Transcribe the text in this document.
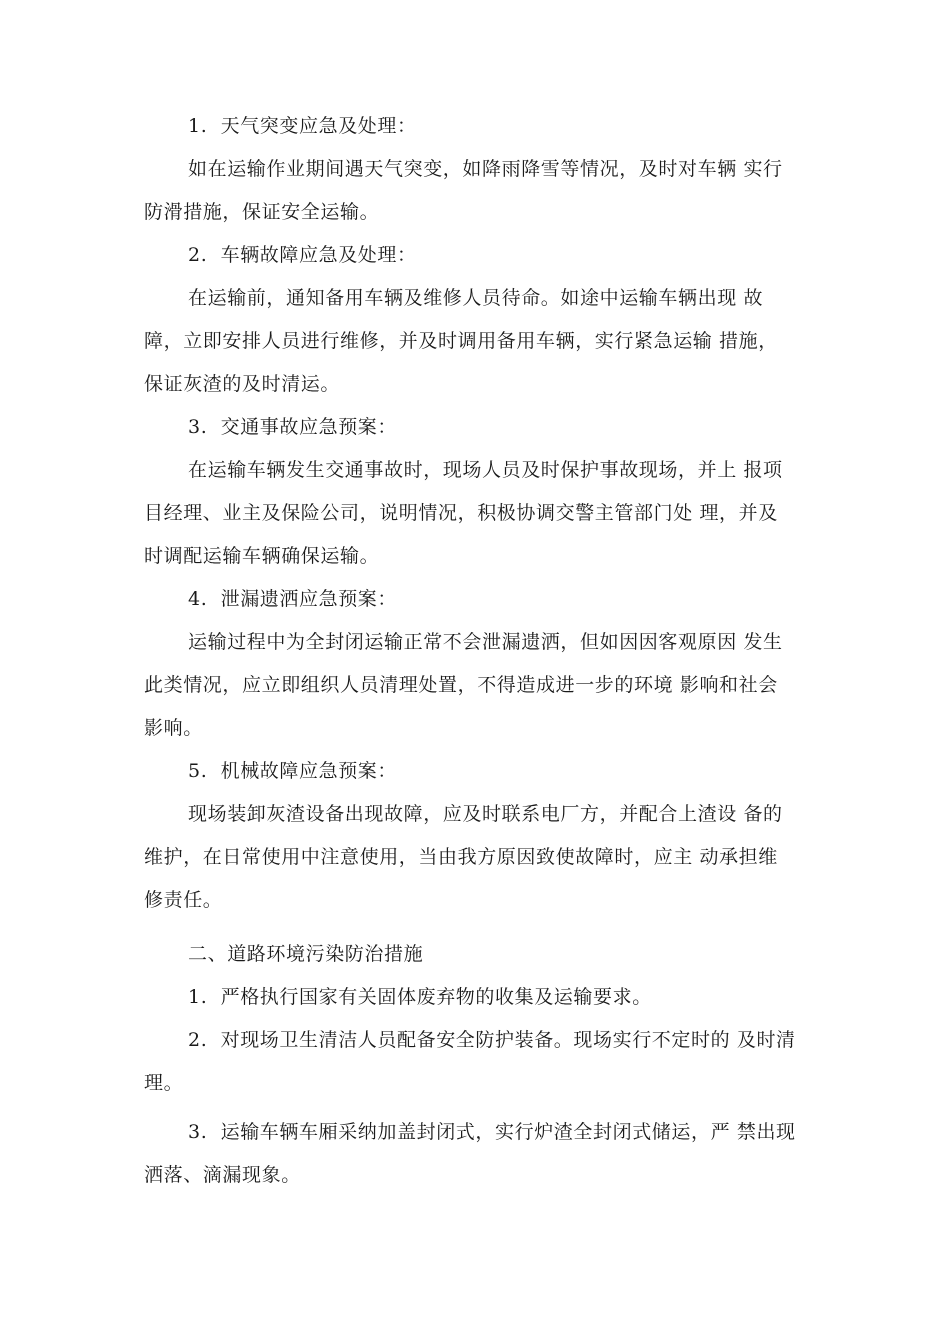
1.  天气突变应急及处理：
如在运输作业期间遇天气突变，如降雨降雪等情况，及时对车辆 实行
防滑措施，保证安全运输。
2.  车辆故障应急及处理：
在运输前，通知备用车辆及维修人员待命。如途中运输车辆出现 故
障，立即安排人员进行维修，并及时调用备用车辆，实行紧急运输 措施，
保证灰渣的及时清运。
3.  交通事故应急预案：
在运输车辆发生交通事故时，现场人员及时保护事故现场，并上 报项
目经理、业主及保险公司，说明情况，积极协调交警主管部门处 理，并及
时调配运输车辆确保运输。
4.  泄漏遗洒应急预案：
运输过程中为全封闭运输正常不会泄漏遗洒，但如因因客观原因 发生
此类情况，应立即组织人员清理处置，不得造成进一步的环境 影响和社会
影响。
5.  机械故障应急预案：
现场装卸灰渣设备出现故障，应及时联系电厂方，并配合上渣设 备的
维护，在日常使用中注意使用，当由我方原因致使故障时，应主 动承担维
修责任。
二、道路环境污染防治措施
1.  严格执行国家有关固体废弃物的收集及运输要求。
2.  对现场卫生清洁人员配备安全防护装备。现场实行不定时的 及时清
理。
3.  运输车辆车厢采纳加盖封闭式，实行炉渣全封闭式储运，严 禁出现
洒落、滴漏现象。
